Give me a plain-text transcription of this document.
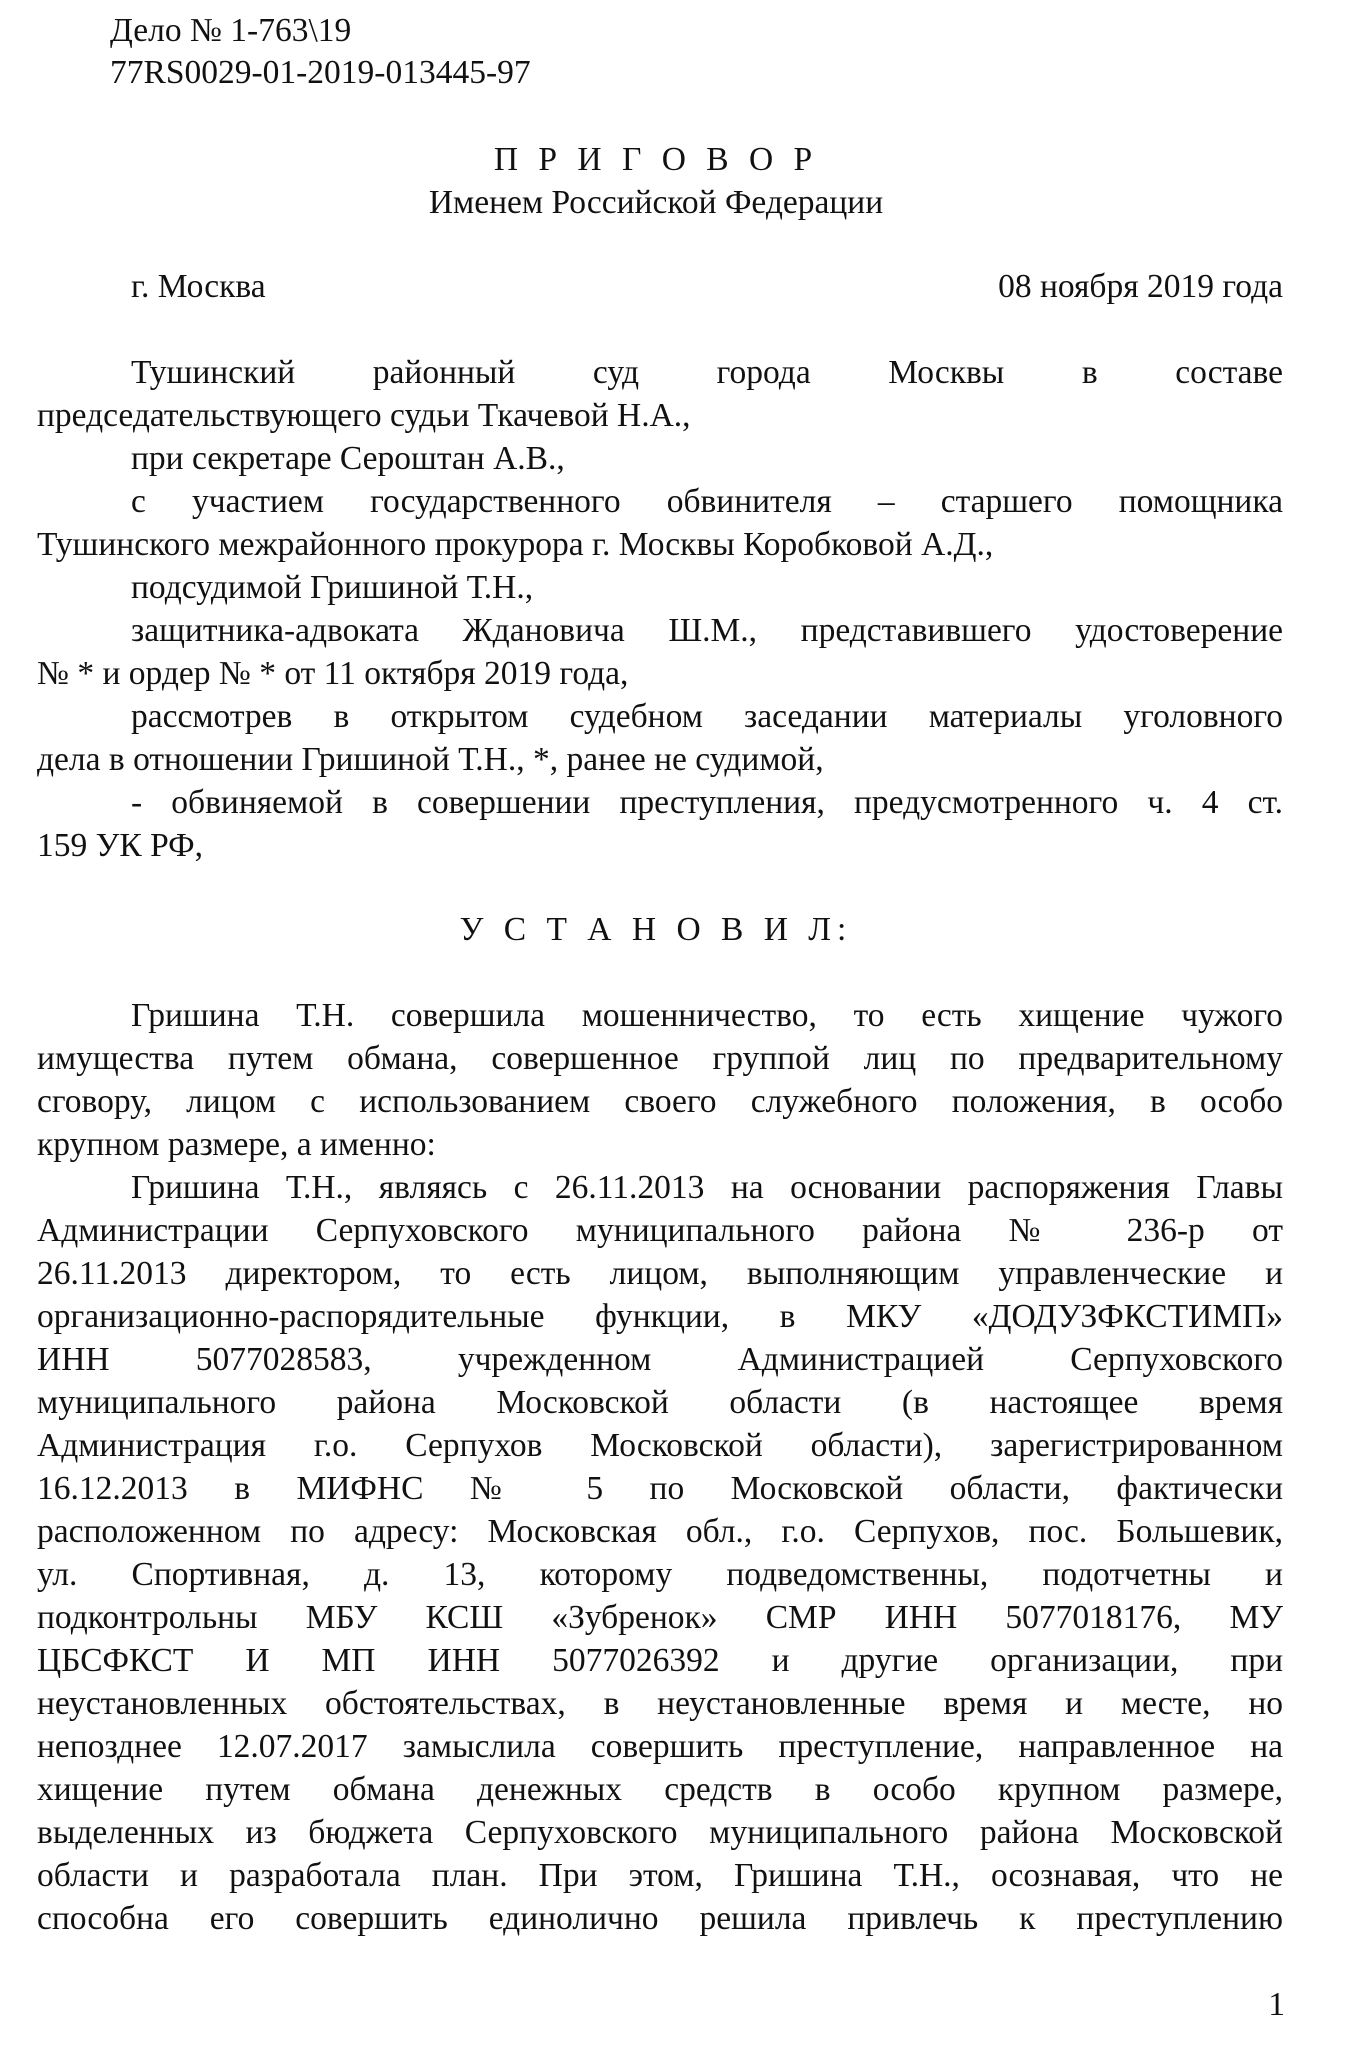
Дело № 1-763\19
77RS0029-01-2019-013445-97
П Р И Г О В О Р
Именем Российской Федерации
г. Москва	08 ноября 2019 года
Тушинский районный суд города Москвы в составе
председательствующего судьи Ткачевой Н.А.,
при секретаре Сероштан А.В.,
с участием государственного обвинителя – старшего помощника
Тушинского межрайонного прокурора г. Москвы Коробковой А.Д.,
подсудимой Гришиной Т.Н.,
защитника-адвоката Ждановича Ш.М., представившего удостоверение
№ * и ордер № * от 11 октября 2019 года,
рассмотрев в открытом судебном заседании материалы уголовного
дела в отношении Гришиной Т.Н., *, ранее не судимой,
- обвиняемой в совершении преступления, предусмотренного ч. 4 ст.
159 УК РФ,
У С Т А Н О В И Л:
Гришина Т.Н. совершила мошенничество, то есть хищение чужого
имущества путем обмана, совершенное группой лиц по предварительному
сговору, лицом с использованием своего служебного положения, в особо
крупном размере, а именно:
Гришина Т.Н., являясь с 26.11.2013 на основании распоряжения Главы
Администрации Серпуховского муниципального района № 236-р от
26.11.2013 директором, то есть лицом, выполняющим управленческие и
организационно-распорядительные функции, в МКУ «ДОДУЗФКСТИМП»
ИНН 5077028583, учрежденном Администрацией Серпуховского
муниципального района Московской области (в настоящее время
Администрация г.о. Серпухов Московской области), зарегистрированном
16.12.2013 в МИФНС № 5 по Московской области, фактически
расположенном по адресу: Московская обл., г.о. Серпухов, пос. Большевик,
ул. Спортивная, д. 13, которому подведомственны, подотчетны и
подконтрольны МБУ КСШ «Зубренок» СМР ИНН 5077018176, МУ
ЦБСФКСТ И МП ИНН 5077026392 и другие организации, при
неустановленных обстоятельствах, в неустановленные время и месте, но
непозднее 12.07.2017 замыслила совершить преступление, направленное на
хищение путем обмана денежных средств в особо крупном размере,
выделенных из бюджета Серпуховского муниципального района Московской
области и разработала план. При этом, Гришина Т.Н., осознавая, что не
способна его совершить единолично решила привлечь к преступлению
1
